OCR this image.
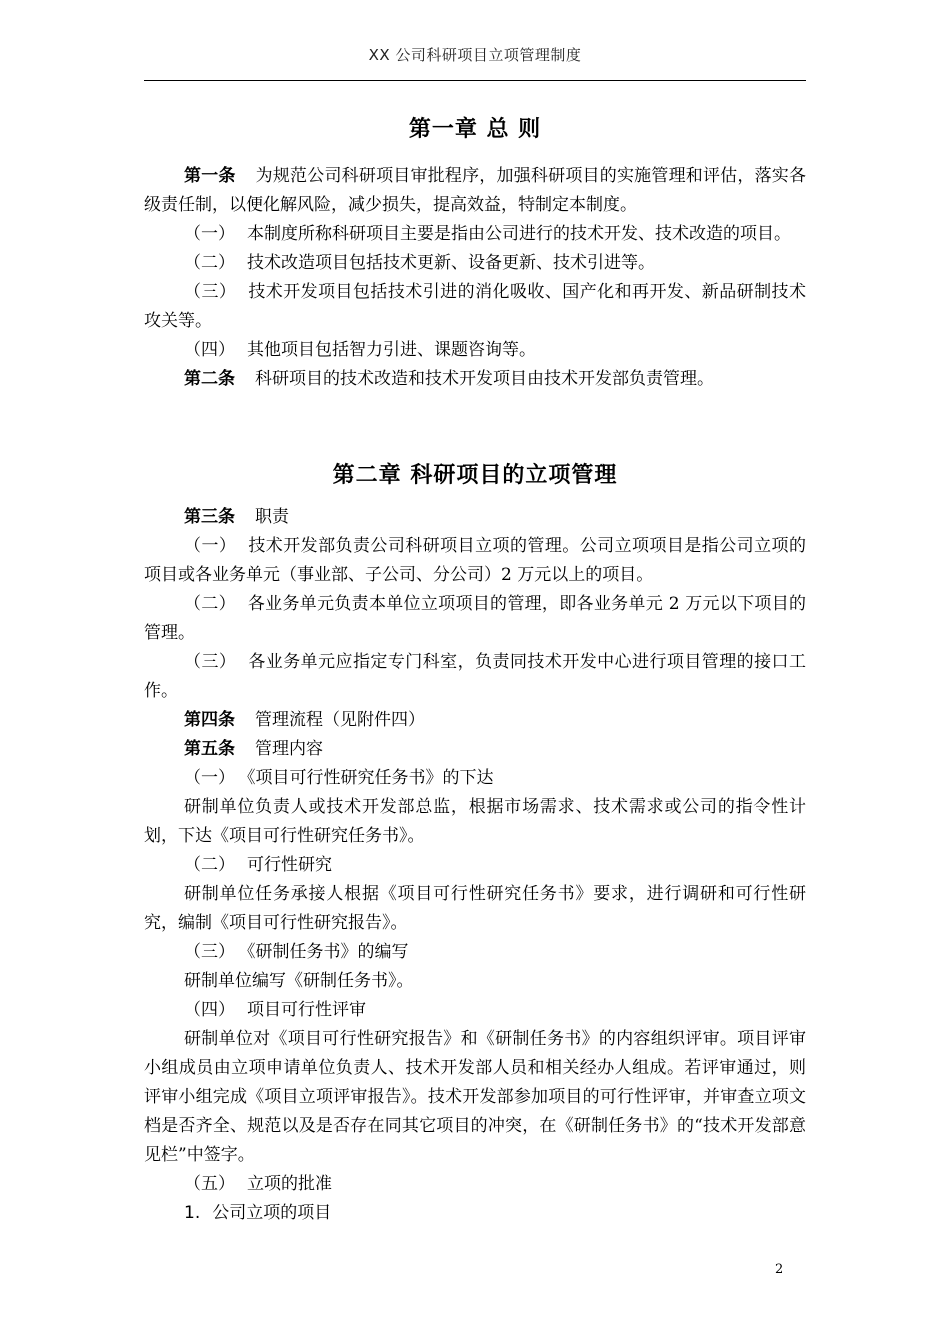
XX 公司科研项目立项管理制度
第一章 总 则

第一条 为规范公司科研项目审批程序，加强科研项目的实施管理和评估，落实各级责任制，以便化解风险，减少损失，提高效益，特制定本制度。

（一） 本制度所称科研项目主要是指由公司进行的技术开发、技术改造的项目。

（二） 技术改造项目包括技术更新、设备更新、技术引进等。

（三） 技术开发项目包括技术引进的消化吸收、国产化和再开发、新品研制技术攻关等。

（四） 其他项目包括智力引进、课题咨询等。

第二条 科研项目的技术改造和技术开发项目由技术开发部负责管理。

第二章 科研项目的立项管理

第三条 职责

（一） 技术开发部负责公司科研项目立项的管理。公司立项项目是指公司立项的项目或各业务单元（事业部、子公司、分公司）2 万元以上的项目。

（二） 各业务单元负责本单位立项项目的管理，即各业务单元 2 万元以下项目的管理。

（三） 各业务单元应指定专门科室，负责同技术开发中心进行项目管理的接口工作。

第四条 管理流程（见附件四）

第五条 管理内容

（一） 《项目可行性研究任务书》的下达

研制单位负责人或技术开发部总监，根据市场需求、技术需求或公司的指令性计划，下达《项目可行性研究任务书》。

（二） 可行性研究

研制单位任务承接人根据《项目可行性研究任务书》要求，进行调研和可行性研究，编制《项目可行性研究报告》。

（三） 《研制任务书》的编写

研制单位编写《研制任务书》。

（四） 项目可行性评审

研制单位对《项目可行性研究报告》和《研制任务书》的内容组织评审。项目评审小组成员由立项申请单位负责人、技术开发部人员和相关经办人组成。若评审通过，则评审小组完成《项目立项评审报告》。技术开发部参加项目的可行性评审，并审查立项文档是否齐全、规范以及是否存在同其它项目的冲突，在《研制任务书》的“技术开发部意见栏”中签字。

（五） 立项的批准

1. 公司立项的项目

2
